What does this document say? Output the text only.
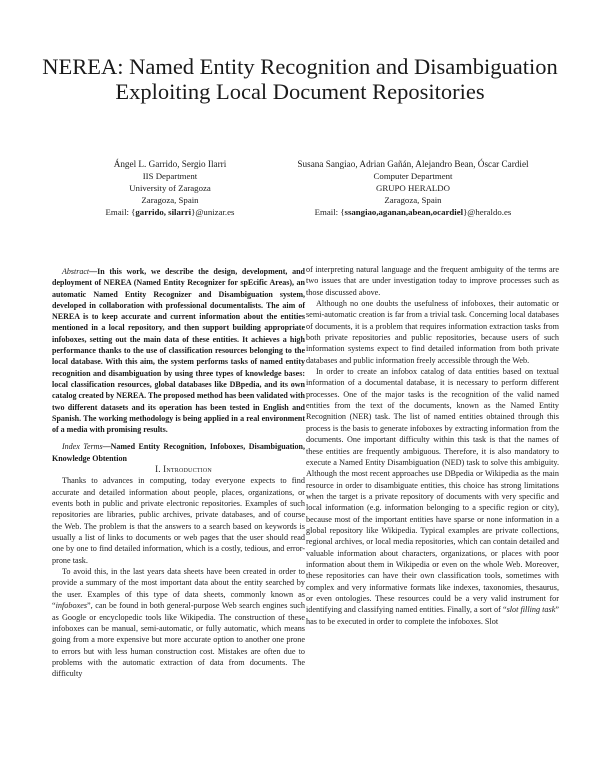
NEREA: Named Entity Recognition and Disambiguation Exploiting Local Document Repositories
Ángel L. Garrido, Sergio Ilarri
IIS Department
University of Zaragoza
Zaragoza, Spain
Email: {garrido, silarri}@unizar.es
Susana Sangiao, Adrian Gañán, Alejandro Bean, Óscar Cardiel
Computer Department
GRUPO HERALDO
Zaragoza, Spain
Email: {ssangiao,aganan,abean,ocardiel}@heraldo.es

Abstract—In this work, we describe the design, development, and deployment of NEREA (Named Entity Recognizer for spEcific Areas), an automatic Named Entity Recognizer and Disambiguation system, developed in collaboration with professional documentalists. The aim of NEREA is to keep accurate and current information about the entities mentioned in a local repository, and then support building appropriate infoboxes, setting out the main data of these entities. It achieves a high performance thanks to the use of classification resources belonging to the local database. With this aim, the system performs tasks of named entity recognition and disambiguation by using three types of knowledge bases: local classification resources, global databases like DBpedia, and its own catalog created by NEREA. The proposed method has been validated with two different datasets and its operation has been tested in English and Spanish. The working methodology is being applied in a real environment of a media with promising results.

Index Terms—Named Entity Recognition, Infoboxes, Disambiguation, Knowledge Obtention

I. Introduction

Thanks to advances in computing, today everyone expects to find accurate and detailed information about people, places, organizations, or events both in public and private electronic repositories. Examples of such repositories are libraries, public archives, private databases, and of course the Web. The problem is that the answers to a search based on keywords is usually a list of links to documents or web pages that the user should read one by one to find detailed information, which is a costly, tedious, and error-prone task.

To avoid this, in the last years data sheets have been created in order to provide a summary of the most important data about the entity searched by the user. Examples of this type of data sheets, commonly known as “infoboxes”, can be found in both general-purpose Web search engines such as Google or encyclopedic tools like Wikipedia. The construction of these infoboxes can be manual, semi-automatic, or fully automatic, which means going from a more expensive but more accurate option to another one prone to errors but with less human construction cost. Mistakes are often due to problems with the automatic extraction of data from documents. The difficulty

of interpreting natural language and the frequent ambiguity of the terms are two issues that are under investigation today to improve processes such as those discussed above.

Although no one doubts the usefulness of infoboxes, their automatic or semi-automatic creation is far from a trivial task. Concerning local databases of documents, it is a problem that requires information extraction tasks from both private repositories and public repositories, because users of such information systems expect to find detailed information from both private databases and public information freely accessible through the Web.

In order to create an infobox catalog of data entities based on textual information of a documental database, it is necessary to perform different processes. One of the major tasks is the recognition of the valid named entities from the text of the documents, known as the Named Entity Recognition (NER) task. The list of named entities obtained through this process is the basis to generate infoboxes by extracting information from the documents. One important difficulty within this task is that the names of these entities are frequently ambiguous. Therefore, it is also mandatory to execute a Named Entity Disambiguation (NED) task to solve this ambiguity. Although the most recent approaches use DBpedia or Wikipedia as the main resource in order to disambiguate entities, this choice has strong limitations when the target is a private repository of documents with very specific and local information (e.g. information belonging to a specific region or city), because most of the important entities have sparse or none information in a global repository like Wikipedia. Typical examples are private collections, regional archives, or local media repositories, which can contain detailed and valuable information about characters, organizations, or places with poor information about them in Wikipedia or even on the whole Web. Moreover, these repositories can have their own classification tools, sometimes with complex and very informative formats like indexes, taxonomies, thesaurus, or even ontologies. These resources could be a very valid instrument for identifying and classifying named entities. Finally, a sort of “slot filling task” has to be executed in order to complete the infoboxes. Slot
